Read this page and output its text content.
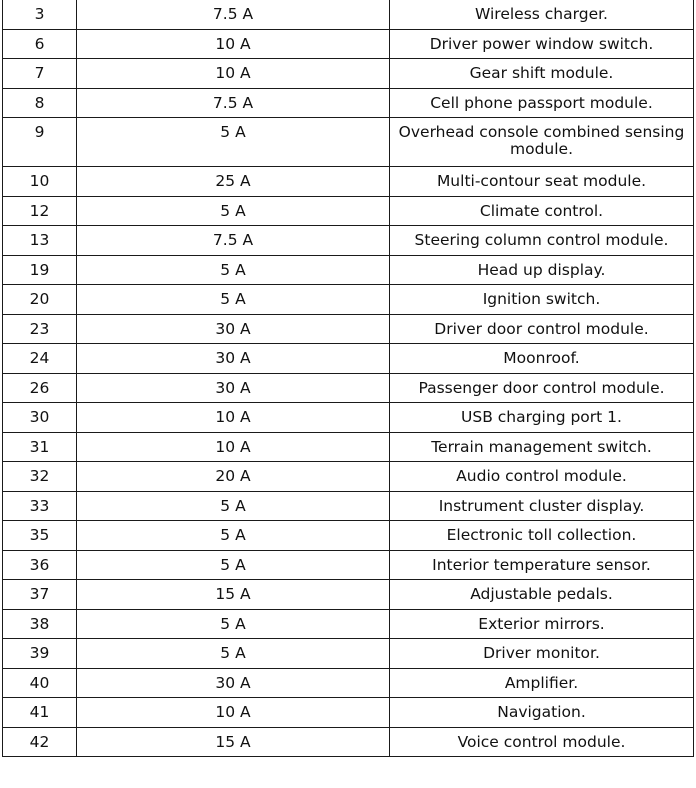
3	7.5 A	Wireless charger.
6	10 A	Driver power window switch.
7	10 A	Gear shift module.
8	7.5 A	Cell phone passport module.
9	5 A	Overhead console combined sensing module.
10	25 A	Multi-contour seat module.
12	5 A	Climate control.
13	7.5 A	Steering column control module.
19	5 A	Head up display.
20	5 A	Ignition switch.
23	30 A	Driver door control module.
24	30 A	Moonroof.
26	30 A	Passenger door control module.
30	10 A	USB charging port 1.
31	10 A	Terrain management switch.
32	20 A	Audio control module.
33	5 A	Instrument cluster display.
35	5 A	Electronic toll collection.
36	5 A	Interior temperature sensor.
37	15 A	Adjustable pedals.
38	5 A	Exterior mirrors.
39	5 A	Driver monitor.
40	30 A	Amplifier.
41	10 A	Navigation.
42	15 A	Voice control module.
